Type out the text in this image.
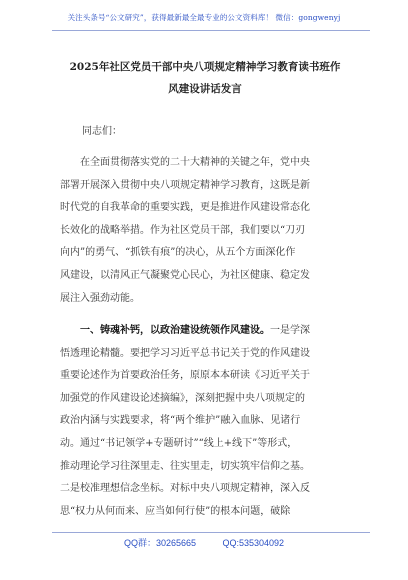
关注头条号“公文研究”，获得最新最全最专业的公文资料库！ 微信：gongwenyj
2025年社区党员干部中央八项规定精神学习教育读书班作
风建设讲话发言
同志们：
在全面贯彻落实党的二十大精神的关键之年，党中央
部署开展深入贯彻中央八项规定精神学习教育，这既是新
时代党的自我革命的重要实践，更是推进作风建设常态化
长效化的战略举措。作为社区党员干部，我们要以“刀刃
向内”的勇气、“抓铁有痕”的决心，从五个方面深化作
风建设，以清风正气凝聚党心民心，为社区健康、稳定发
展注入强劲动能。
一、铸魂补钙，以政治建设统领作风建设。一是学深
悟透理论精髓。要把学习习近平总书记关于党的作风建设
重要论述作为首要政治任务，原原本本研读《习近平关于
加强党的作风建设论述摘编》，深刻把握中央八项规定的
政治内涵与实践要求，将“两个维护”融入血脉、见诸行
动。通过“书记领学+专题研讨”“线上+线下”等形式，
推动理论学习往深里走、往实里走，切实筑牢信仰之基。
二是校准理想信念坐标。对标中央八项规定精神，深入反
思“权力从何而来、应当如何行使”的根本问题，破除
QQ群：30265665	QQ:535304092
